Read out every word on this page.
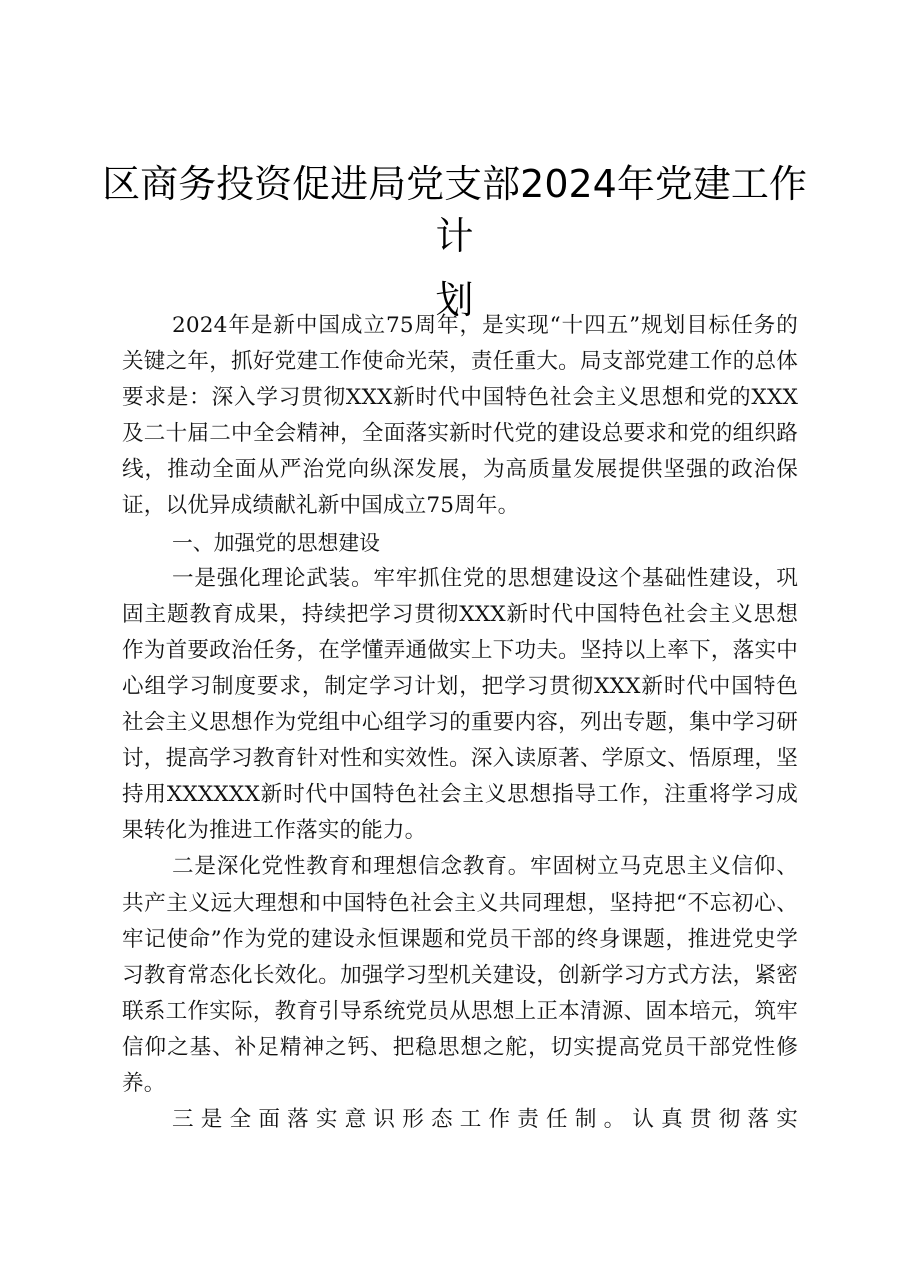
区商务投资促进局党支部2024年党建工作计
划

2024年是新中国成立75周年，是实现“十四五”规划目标任务的关键之年，抓好党建工作使命光荣，责任重大。局支部党建工作的总体要求是：深入学习贯彻XXX新时代中国特色社会主义思想和党的XXX及二十届二中全会精神，全面落实新时代党的建设总要求和党的组织路线，推动全面从严治党向纵深发展，为高质量发展提供坚强的政治保证，以优异成绩献礼新中国成立75周年。

一、加强党的思想建设

一是强化理论武装。牢牢抓住党的思想建设这个基础性建设，巩固主题教育成果，持续把学习贯彻XXX新时代中国特色社会主义思想作为首要政治任务，在学懂弄通做实上下功夫。坚持以上率下，落实中心组学习制度要求，制定学习计划，把学习贯彻XXX新时代中国特色社会主义思想作为党组中心组学习的重要内容，列出专题，集中学习研讨，提高学习教育针对性和实效性。深入读原著、学原文、悟原理，坚持用XXXXXX新时代中国特色社会主义思想指导工作，注重将学习成果转化为推进工作落实的能力。

二是深化党性教育和理想信念教育。牢固树立马克思主义信仰、共产主义远大理想和中国特色社会主义共同理想，坚持把“不忘初心、牢记使命”作为党的建设永恒课题和党员干部的终身课题，推进党史学习教育常态化长效化。加强学习型机关建设，创新学习方式方法，紧密联系工作实际，教育引导系统党员从思想上正本清源、固本培元，筑牢信仰之基、补足精神之钙、把稳思想之舵，切实提高党员干部党性修养。

三是全面落实意识形态工作责任制。认真贯彻落实
